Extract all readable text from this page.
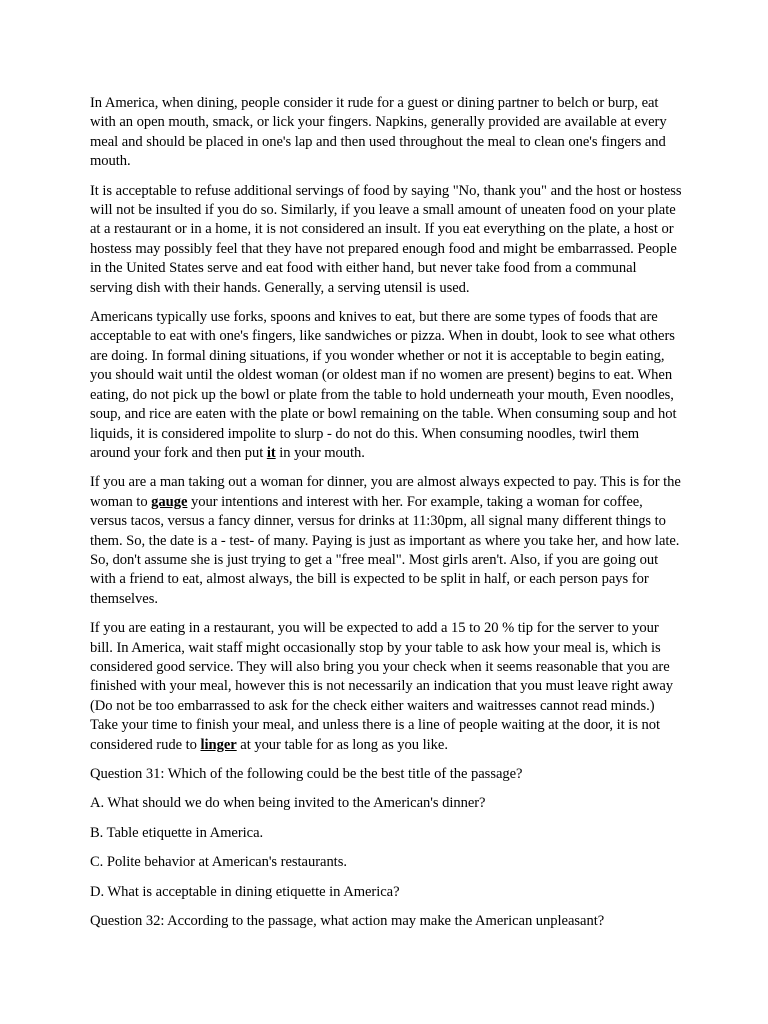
In America, when dining, people consider it rude for a guest or dining partner to belch or burp, eat with an open mouth, smack, or lick your fingers. Napkins, generally provided are available at every meal and should be placed in one's lap and then used throughout the meal to clean one's fingers and mouth.

It is acceptable to refuse additional servings of food by saying "No, thank you" and the host or hostess will not be insulted if you do so. Similarly, if you leave a small amount of uneaten food on your plate at a restaurant or in a home, it is not considered an insult. If you eat everything on the plate, a host or hostess may possibly feel that they have not prepared enough food and might be embarrassed. People in the United States serve and eat food with either hand, but never take food from a communal serving dish with their hands. Generally, a serving utensil is used.

Americans typically use forks, spoons and knives to eat, but there are some types of foods that are acceptable to eat with one's fingers, like sandwiches or pizza. When in doubt, look to see what others are doing. In formal dining situations, if you wonder whether or not it is acceptable to begin eating, you should wait until the oldest woman (or oldest man if no women are present) begins to eat. When eating, do not pick up the bowl or plate from the table to hold underneath your mouth, Even noodles, soup, and rice are eaten with the plate or bowl remaining on the table. When consuming soup and hot liquids, it is considered impolite to slurp - do not do this. When consuming noodles, twirl them around your fork and then put it in your mouth.

If you are a man taking out a woman for dinner, you are almost always expected to pay. This is for the woman to gauge your intentions and interest with her. For example, taking a woman for coffee, versus tacos, versus a fancy dinner, versus for drinks at 11:30pm, all signal many different things to them. So, the date is a - test- of many. Paying is just as important as where you take her, and how late. So, don't assume she is just trying to get a "free meal". Most girls aren't. Also, if you are going out with a friend to eat, almost always, the bill is expected to be split in half, or each person pays for themselves.

If you are eating in a restaurant, you will be expected to add a 15 to 20 % tip for the server to your bill. In America, wait staff might occasionally stop by your table to ask how your meal is, which is considered good service. They will also bring you your check when it seems reasonable that you are finished with your meal, however this is not necessarily an indication that you must leave right away (Do not be too embarrassed to ask for the check either waiters and waitresses cannot read minds.) Take your time to finish your meal, and unless there is a line of people waiting at the door, it is not considered rude to linger at your table for as long as you like.

Question 31: Which of the following could be the best title of the passage?

A. What should we do when being invited to the American's dinner?

B. Table etiquette in America.

C. Polite behavior at American's restaurants.

D. What is acceptable in dining etiquette in America?

Question 32: According to the passage, what action may make the American unpleasant?
